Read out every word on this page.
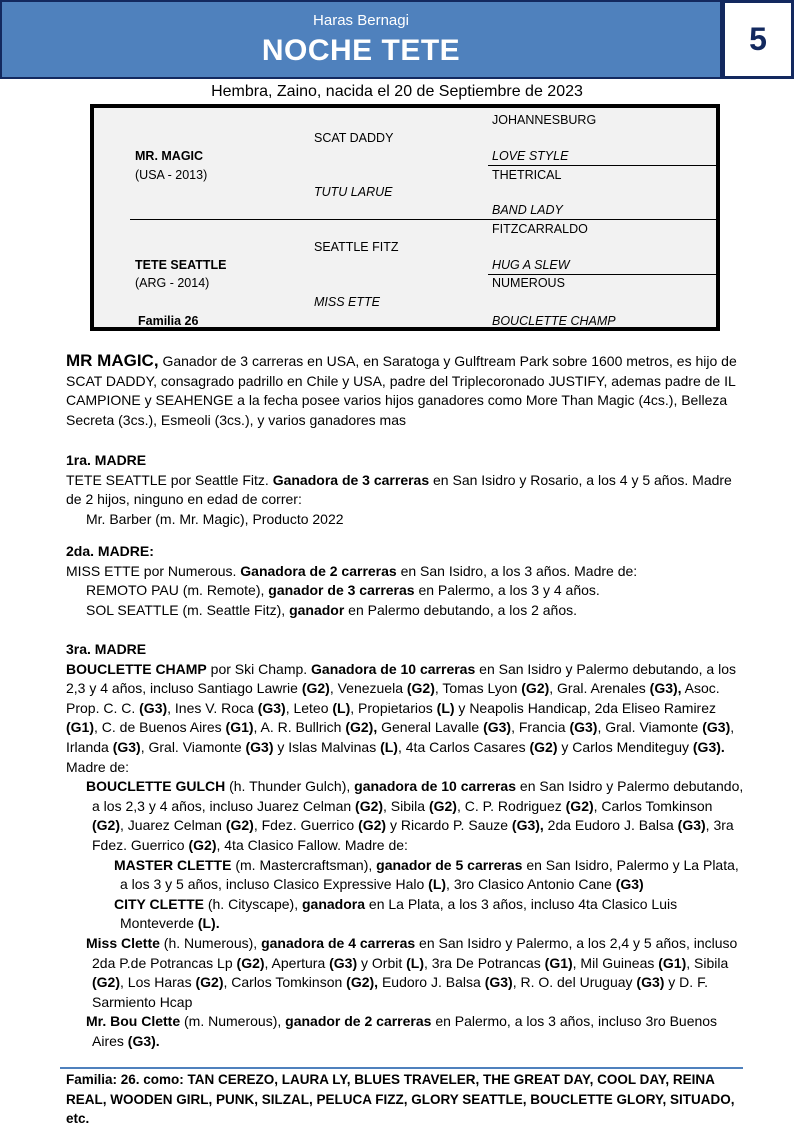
Haras Bernagi
NOCHE TETE	5
Hembra, Zaino, nacida el 20 de Septiembre de 2023
MR. MAGIC
(USA - 2013)
SCAT DADDY
TUTU LARUE
JOHANNESBURG
LOVE STYLE
THETRICAL
BAND LADY
TETE SEATTLE
(ARG - 2014)
SEATTLE FITZ
MISS ETTE
FITZCARRALDO
HUG A SLEW
NUMEROUS
BOUCLETTE CHAMP
Familia 26

MR MAGIC, Ganador de 3 carreras en USA, en Saratoga y Gulftream Park sobre 1600 metros, es hijo de SCAT DADDY, consagrado padrillo en Chile y USA, padre del Triplecoronado JUSTIFY, ademas padre de IL CAMPIONE y SEAHENGE a la fecha posee varios hijos ganadores como More Than Magic (4cs.), Belleza Secreta (3cs.), Esmeoli (3cs.), y varios ganadores mas

1ra. MADRE

TETE SEATTLE por Seattle Fitz. Ganadora de 3 carreras en San Isidro y Rosario, a los 4 y 5 años. Madre de 2 hijos, ninguno en edad de correr:

Mr. Barber (m. Mr. Magic), Producto 2022

2da. MADRE:

MISS ETTE por Numerous. Ganadora de 2 carreras en San Isidro, a los 3 años. Madre de:

REMOTO PAU (m. Remote), ganador de 3 carreras en Palermo, a los 3 y 4 años.

SOL SEATTLE (m. Seattle Fitz), ganador en Palermo debutando, a los 2 años.

3ra. MADRE

BOUCLETTE CHAMP por Ski Champ. Ganadora de 10 carreras en San Isidro y Palermo debutando, a los 2,3 y 4 años, incluso Santiago Lawrie (G2), Venezuela (G2), Tomas Lyon (G2), Gral. Arenales (G3), Asoc. Prop. C. C. (G3), Ines V. Roca (G3), Leteo (L), Propietarios (L) y Neapolis Handicap, 2da Eliseo Ramirez (G1), C. de Buenos Aires (G1), A. R. Bullrich (G2), General Lavalle (G3), Francia (G3), Gral. Viamonte (G3), Irlanda (G3), Gral. Viamonte (G3) y Islas Malvinas (L), 4ta Carlos Casares (G2) y Carlos Menditeguy (G3). Madre de:

BOUCLETTE GULCH (h. Thunder Gulch), ganadora de 10 carreras en San Isidro y Palermo debutando, a los 2,3 y 4 años, incluso Juarez Celman (G2), Sibila (G2), C. P. Rodriguez (G2), Carlos Tomkinson (G2), Juarez Celman (G2), Fdez. Guerrico (G2) y Ricardo P. Sauze (G3), 2da Eudoro J. Balsa (G3), 3ra Fdez. Guerrico (G2), 4ta Clasico Fallow. Madre de:

MASTER CLETTE (m. Mastercraftsman), ganador de 5 carreras en San Isidro, Palermo y La Plata, a los 3 y 5 años, incluso Clasico Expressive Halo (L), 3ro Clasico Antonio Cane (G3)

CITY CLETTE (h. Cityscape), ganadora en La Plata, a los 3 años, incluso 4ta Clasico Luis Monteverde (L).

Miss Clette (h. Numerous), ganadora de 4 carreras en San Isidro y Palermo, a los 2,4 y 5 años, incluso 2da P.de Potrancas Lp (G2), Apertura (G3) y Orbit (L), 3ra De Potrancas (G1), Mil Guineas (G1), Sibila (G2), Los Haras (G2), Carlos Tomkinson (G2), Eudoro J. Balsa (G3), R. O. del Uruguay (G3) y D. F. Sarmiento Hcap

Mr. Bou Clette (m. Numerous), ganador de 2 carreras en Palermo, a los 3 años, incluso 3ro Buenos Aires (G3).

Familia: 26. como: TAN CEREZO, LAURA LY, BLUES TRAVELER, THE GREAT DAY, COOL DAY, REINA REAL, WOODEN GIRL, PUNK, SILZAL, PELUCA FIZZ, GLORY SEATTLE, BOUCLETTE GLORY, SITUADO, etc.
